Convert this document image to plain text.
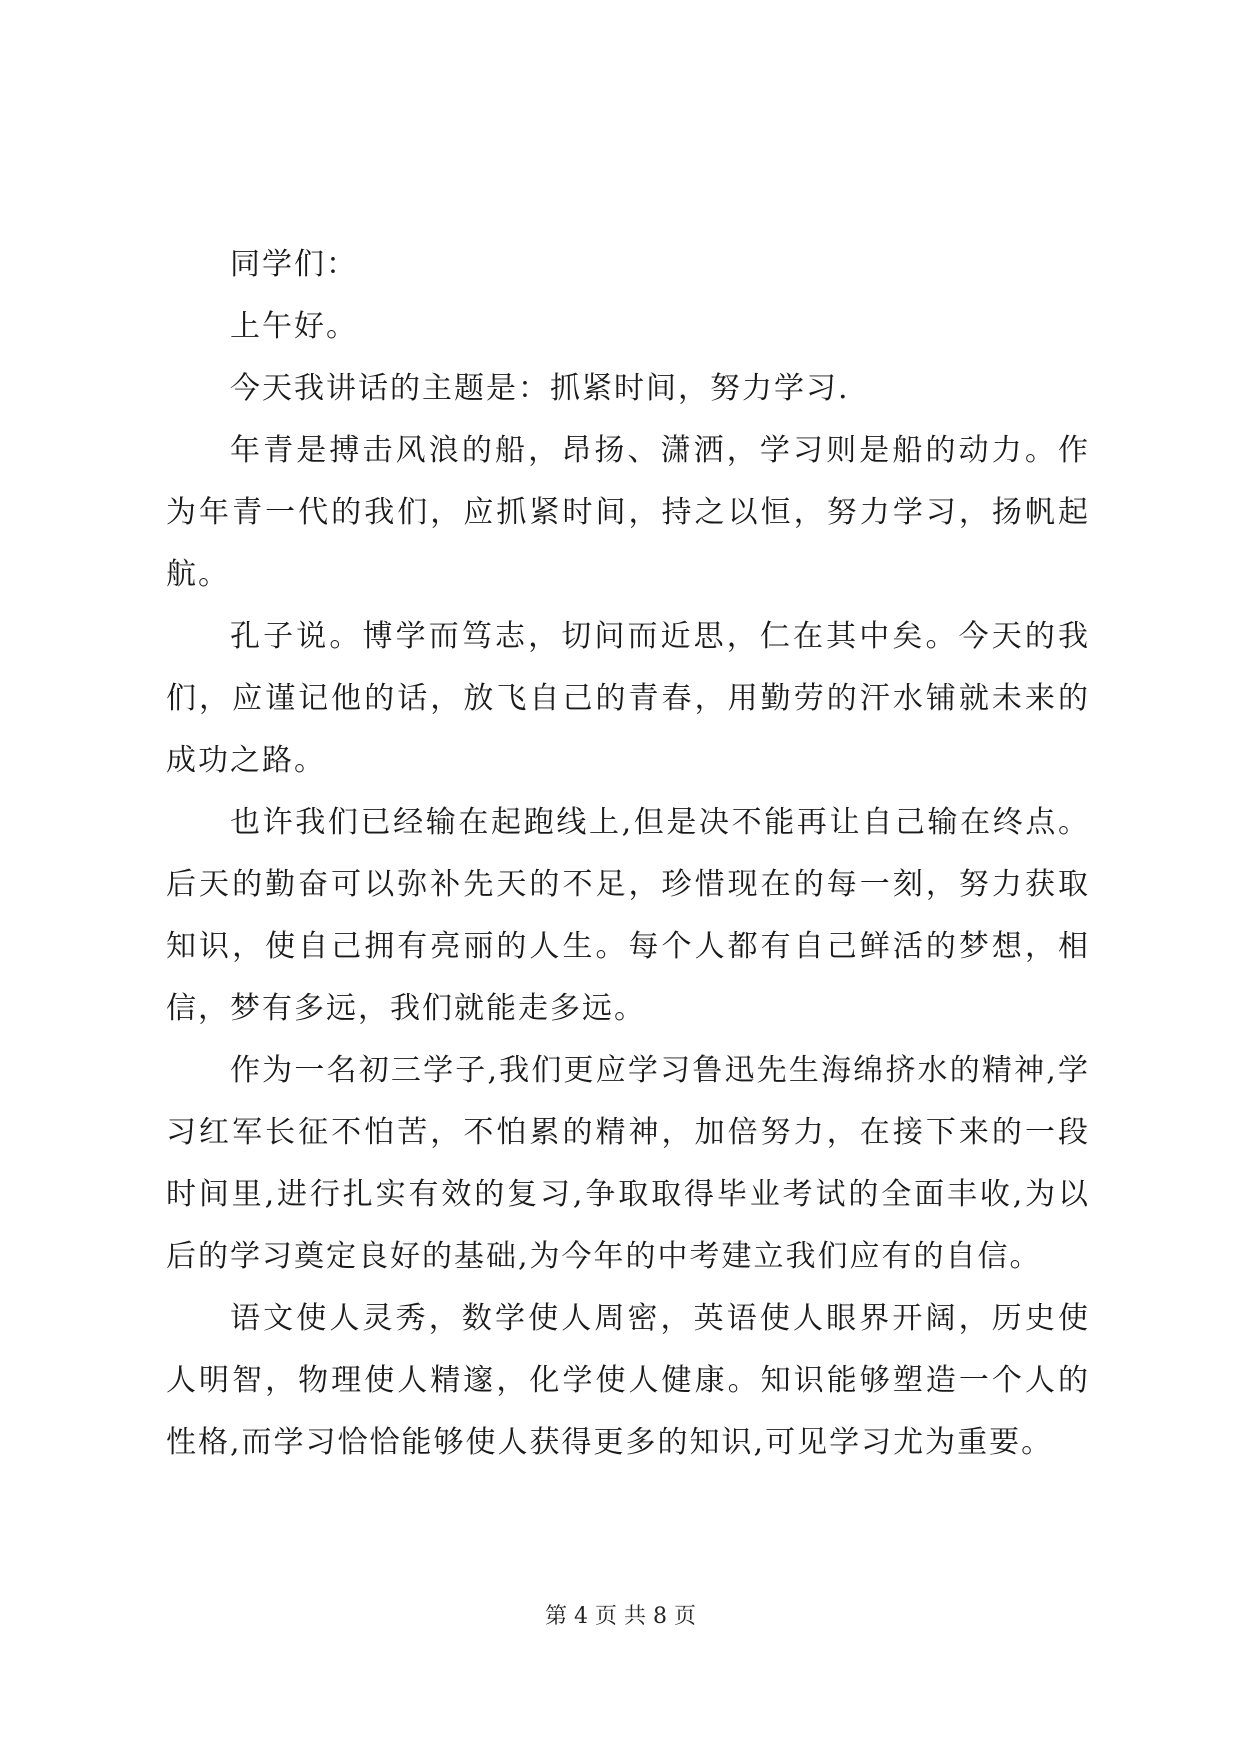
同学们：

上午好。

今天我讲话的主题是：抓紧时间，努力学习.

年青是搏击风浪的船，昂扬、潇洒，学习则是船的动力。作为年青一代的我们，应抓紧时间，持之以恒，努力学习，扬帆起航。

孔子说。博学而笃志，切问而近思，仁在其中矣。今天的我们，应谨记他的话，放飞自己的青春，用勤劳的汗水铺就未来的成功之路。

也许我们已经输在起跑线上,但是决不能再让自己输在终点。后天的勤奋可以弥补先天的不足，珍惜现在的每一刻，努力获取知识，使自己拥有亮丽的人生。每个人都有自己鲜活的梦想，相信，梦有多远，我们就能走多远。

作为一名初三学子,我们更应学习鲁迅先生海绵挤水的精神,学习红军长征不怕苦，不怕累的精神，加倍努力，在接下来的一段时间里,进行扎实有效的复习,争取取得毕业考试的全面丰收,为以后的学习奠定良好的基础,为今年的中考建立我们应有的自信。

语文使人灵秀，数学使人周密，英语使人眼界开阔，历史使人明智，物理使人精邃，化学使人健康。知识能够塑造一个人的性格,而学习恰恰能够使人获得更多的知识,可见学习尤为重要。

第 4 页 共 8 页
